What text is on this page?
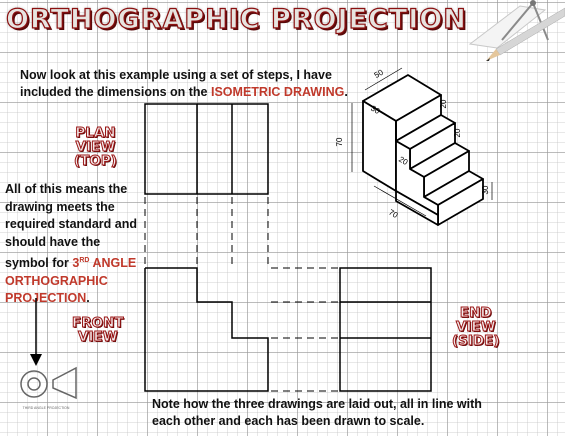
ORTHOGRAPHIC PROJECTION

Now look at this example using a set of steps, I have
included the dimensions on the ISOMETRIC DRAWING.

PLAN
VIEW
(TOP)
FRONT
VIEW
END
VIEW
(SIDE)

All of this means the
drawing meets the
required standard and
should have the
symbol for 3RD ANGLE
ORTHOGRAPHIC
PROJECTION.

50
30
70
20
20
20
30
70
THIRD ANGLE PROJECTION	Note how the three drawings are laid out, all in line with
each other and each has been drawn to scale.
